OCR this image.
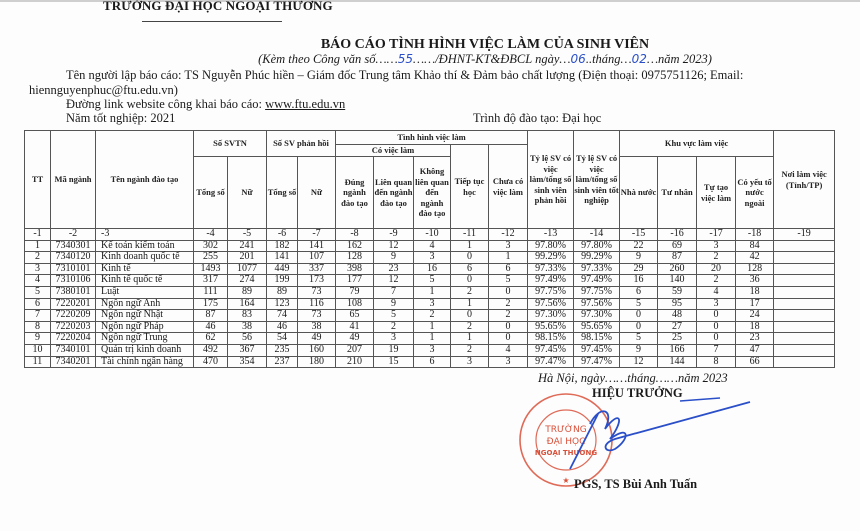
TRƯỜNG ĐẠI HỌC NGOẠI THƯƠNG
BÁO CÁO TÌNH HÌNH VIỆC LÀM CỦA SINH VIÊN
(Kèm theo Công văn số……55……/ĐHNT-KT&ĐBCL ngày…06..tháng…02…năm 2023)
Tên người lập báo cáo: TS Nguyễn Phúc hiền – Giám đốc Trung tâm Khảo thí & Đảm bảo chất lượng (Điện thoại: 0975751126; Email:
hiennguyenphuc@ftu.edu.vn)
Đường link website công khai báo cáo: www.ftu.edu.vn
Năm tốt nghiệp: 2021	Trình độ đào tạo: Đại học
TT	Mã ngành	Tên ngành đào tạo	Số SVTN		Số SV phản hồi		Tình hình việc làm					Tỷ lệ SV có việc làm/tổng số sinh viên phản hồi	Tỷ lệ SV có việc làm/tổng số sinh viên tốt nghiệp	Khu vực làm việc				Nơi làm việc (Tỉnh/TP)
							Có việc làm			Tiếp tục học	Chưa có việc làm							
			Tổng số	Nữ	Tổng số	Nữ	Đúng ngành đào tạo	Liên quan đến ngành đào tạo	Không liên quan đến ngành đào tạo					Nhà nước	Tư nhân	Tự tạo việc làm	Có yếu tố nước ngoài	
-1	-2	-3	-4	-5	-6	-7	-8	-9	-10	-11	-12	-13	-14	-15	-16	-17	-18	-19
1	7340301	Kế toán kiểm toán	302	241	182	141	162	12	4	1	3	97.80%	97.80%	22	69	3	84	
2	7340120	Kinh doanh quốc tế	255	201	141	107	128	9	3	0	1	99.29%	99.29%	9	87	2	42	
3	7310101	Kinh tế	1493	1077	449	337	398	23	16	6	6	97.33%	97.33%	29	260	20	128	
4	7310106	Kinh tế quốc tế	317	274	199	173	177	12	5	0	5	97.49%	97.49%	16	140	2	36	
5	7380101	Luật	111	89	89	73	79	7	1	2	0	97.75%	97.75%	6	59	4	18	
6	7220201	Ngôn ngữ Anh	175	164	123	116	108	9	3	1	2	97.56%	97.56%	5	95	3	17	
7	7220209	Ngôn ngữ Nhật	87	83	74	73	65	5	2	0	2	97.30%	97.30%	0	48	0	24	
8	7220203	Ngôn ngữ Pháp	46	38	46	38	41	2	1	2	0	95.65%	95.65%	0	27	0	18	
9	7220204	Ngôn ngữ Trung	62	56	54	49	49	3	1	1	0	98.15%	98.15%	5	25	0	23	
10	7340101	Quản trị kinh doanh	492	367	235	160	207	19	3	2	4	97.45%	97.45%	9	166	7	47	
11	7340201	Tài chính ngân hàng	470	354	237	180	210	15	6	3	3	97.47%	97.47%	12	144	8	66	
TRƯỜNG
ĐẠI HỌC
NGOẠI THƯƠNG
★
Hà Nội, ngày……tháng……năm 2023
HIỆU TRƯỞNG
PGS, TS Bùi Anh Tuấn
